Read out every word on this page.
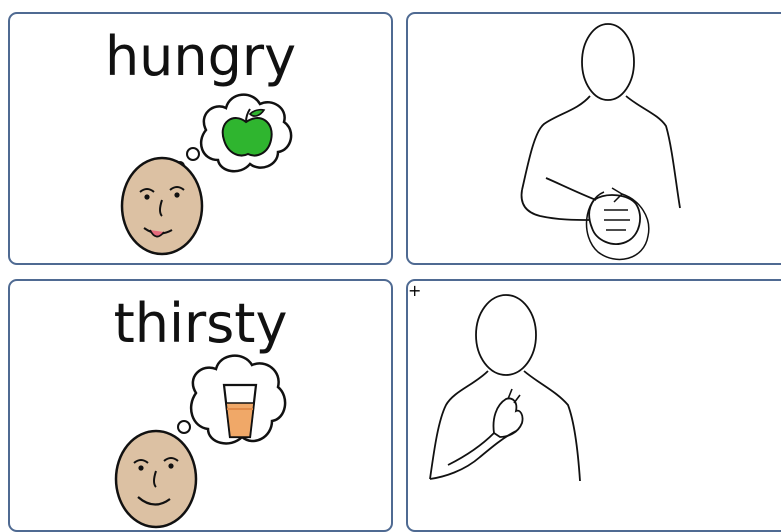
hungry
thirsty
+
